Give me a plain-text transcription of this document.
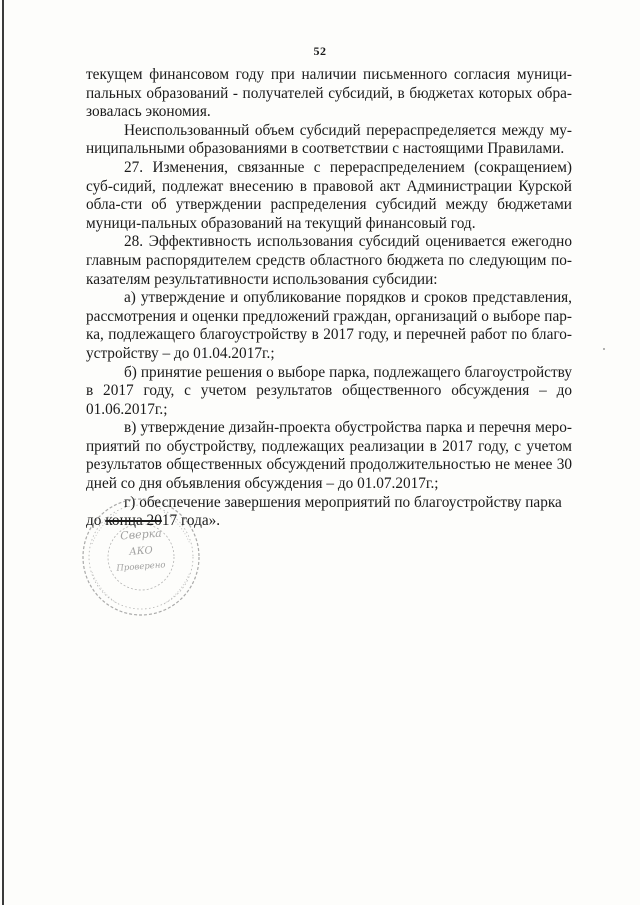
52

текущем финансовом году при наличии письменного согласия муници-пальных образований - получателей субсидий, в бюджетах которых обра-зовалась экономия.

Неиспользованный объем субсидий перераспределяется между му-ниципальными образованиями в соответствии с настоящими Правилами.

27. Изменения, связанные с перераспределением (сокращением) суб-сидий, подлежат внесению в правовой акт Администрации Курской обла-сти об утверждении распределения субсидий между бюджетами муници-пальных образований на текущий финансовый год.

28. Эффективность использования субсидий оценивается ежегодно главным распорядителем средств областного бюджета по следующим по-казателям результативности использования субсидии:

а) утверждение и опубликование порядков и сроков представления, рассмотрения и оценки предложений граждан, организаций о выборе пар-ка, подлежащего благоустройству в 2017 году, и перечней работ по благо-устройству – до 01.04.2017г.;

б) принятие решения о выборе парка, подлежащего благоустройству в 2017 году, с учетом результатов общественного обсуждения – до 01.06.2017г.;

в) утверждение дизайн-проекта обустройства парка и перечня меро-приятий по обустройству, подлежащих реализации в 2017 году, с учетом результатов общественных обсуждений продолжительностью не менее 30 дней со дня объявления обсуждения – до 01.07.2017г.;

г) обеспечение завершения мероприятий по благоустройству парка

до конца 2017 года».

Сверка
АКО
Проверено
